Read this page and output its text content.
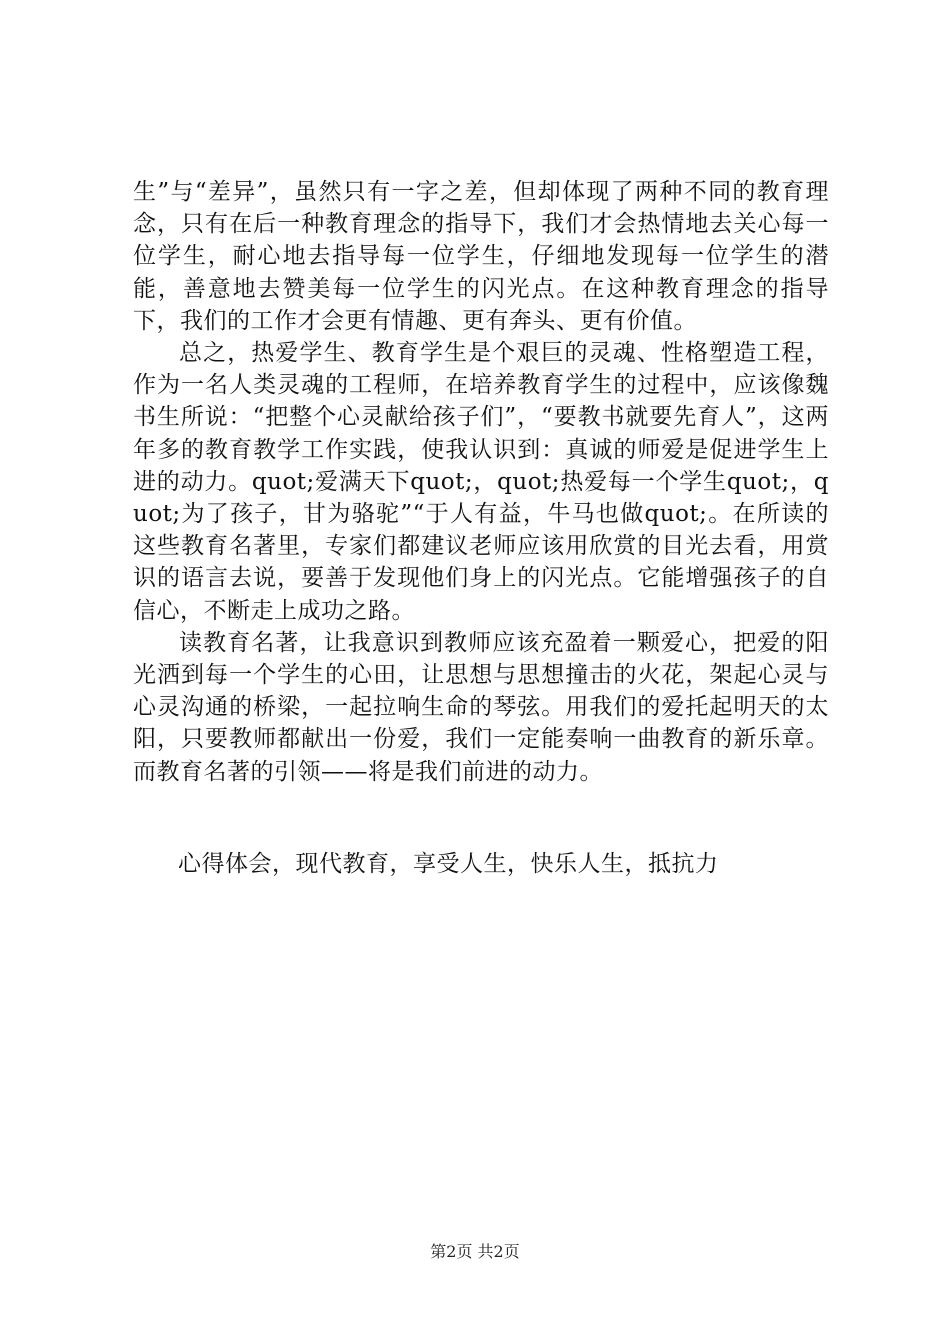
生”与“差异”，虽然只有一字之差，但却体现了两种不同的教育理念，只有在后一种教育理念的指导下，我们才会热情地去关心每一位学生，耐心地去指导每一位学生，仔细地发现每一位学生的潜能，善意地去赞美每一位学生的闪光点。在这种教育理念的指导下，我们的工作才会更有情趣、更有奔头、更有价值。

总之，热爱学生、教育学生是个艰巨的灵魂、性格塑造工程，作为一名人类灵魂的工程师，在培养教育学生的过程中，应该像魏书生所说：“把整个心灵献给孩子们”，“要教书就要先育人”，这两年多的教育教学工作实践，使我认识到：真诚的师爱是促进学生上进的动力。quot;爱满天下quot;，quot;热爱每一个学生quot;，quot;为了孩子，甘为骆驼”“于人有益，牛马也做quot;。在所读的这些教育名著里，专家们都建议老师应该用欣赏的目光去看，用赏识的语言去说，要善于发现他们身上的闪光点。它能增强孩子的自信心，不断走上成功之路。

读教育名著，让我意识到教师应该充盈着一颗爱心，把爱的阳光洒到每一个学生的心田，让思想与思想撞击的火花，架起心灵与心灵沟通的桥梁，一起拉响生命的琴弦。用我们的爱托起明天的太阳，只要教师都献出一份爱，我们一定能奏响一曲教育的新乐章。而教育名著的引领——将是我们前进的动力。

心得体会，现代教育，享受人生，快乐人生，抵抗力
第2页 共2页
